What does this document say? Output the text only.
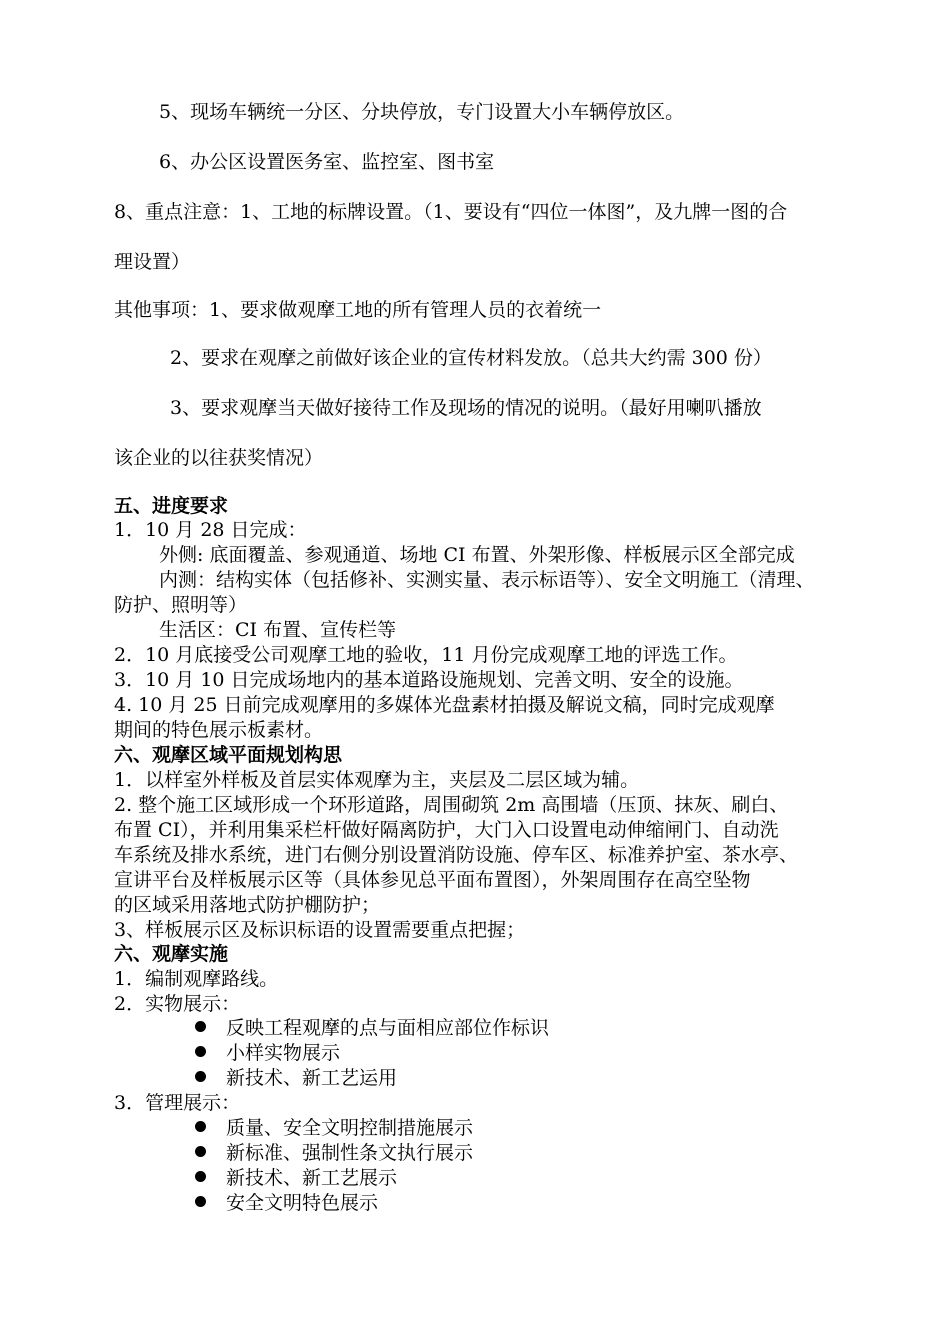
5、现场车辆统一分区、分块停放，专门设置大小车辆停放区。
6、办公区设置医务室、监控室、图书室
8、重点注意：1、工地的标牌设置。（1、要设有“四位一体图”，及九牌一图的合
理设置）
其他事项：1、要求做观摩工地的所有管理人员的衣着统一
2、要求在观摩之前做好该企业的宣传材料发放。（总共大约需 300 份）
3、要求观摩当天做好接待工作及现场的情况的说明。（最好用喇叭播放
该企业的以往获奖情况）
五、进度要求
1．10 月 28 日完成：
外侧: 底面覆盖、参观通道、场地 CI 布置、外架形像、样板展示区全部完成
内测：结构实体（包括修补、实测实量、表示标语等）、安全文明施工（清理、
防护、照明等）
生活区：CI 布置、宣传栏等
2．10 月底接受公司观摩工地的验收，11 月份完成观摩工地的评选工作。
3．10 月 10 日完成场地内的基本道路设施规划、完善文明、安全的设施。
4. 10 月 25 日前完成观摩用的多媒体光盘素材拍摄及解说文稿，同时完成观摩
期间的特色展示板素材。
六、观摩区域平面规划构思
1．以样室外样板及首层实体观摩为主，夹层及二层区域为辅。
2. 整个施工区域形成一个环形道路，周围砌筑 2m 高围墙（压顶、抹灰、刷白、
布置 CI），并利用集采栏杆做好隔离防护，大门入口设置电动伸缩闸门、自动洗
车系统及排水系统，进门右侧分别设置消防设施、停车区、标准养护室、茶水亭、
宣讲平台及样板展示区等（具体参见总平面布置图），外架周围存在高空坠物
的区域采用落地式防护棚防护；
3、样板展示区及标识标语的设置需要重点把握；
六、观摩实施
1．编制观摩路线。
2．实物展示：
反映工程观摩的点与面相应部位作标识
小样实物展示
新技术、新工艺运用
3．管理展示：
质量、安全文明控制措施展示
新标准、强制性条文执行展示
新技术、新工艺展示
安全文明特色展示
